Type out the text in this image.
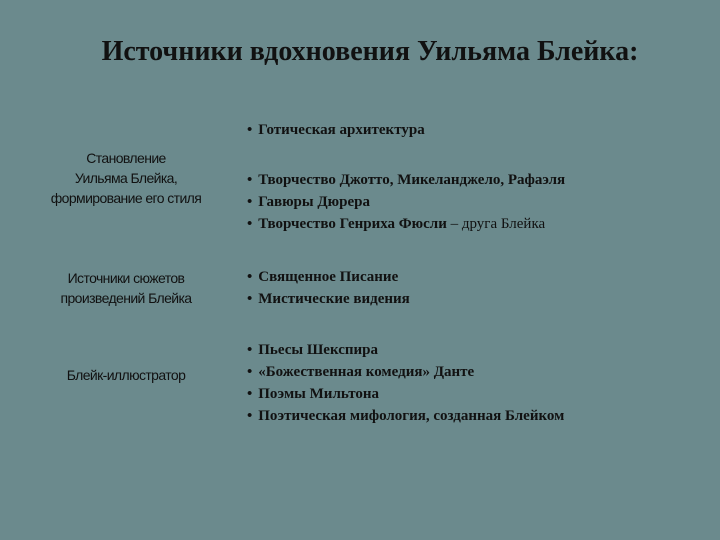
Источники вдохновения Уильяма Блейка:
Становление
Уильяма Блейка,
формирование его стиля
• Готическая архитектура
• Творчество Джотто, Микеланджело, Рафаэля
• Гавюры Дюрера
• Творчество Генриха Фюсли – друга Блейка
Источники сюжетов
произведений Блейка
• Священное Писание
• Мистические видения
Блейк-иллюстратор
• Пьесы Шекспира
• «Божественная комедия» Данте
• Поэмы Мильтона
• Поэтическая мифология, созданная Блейком
